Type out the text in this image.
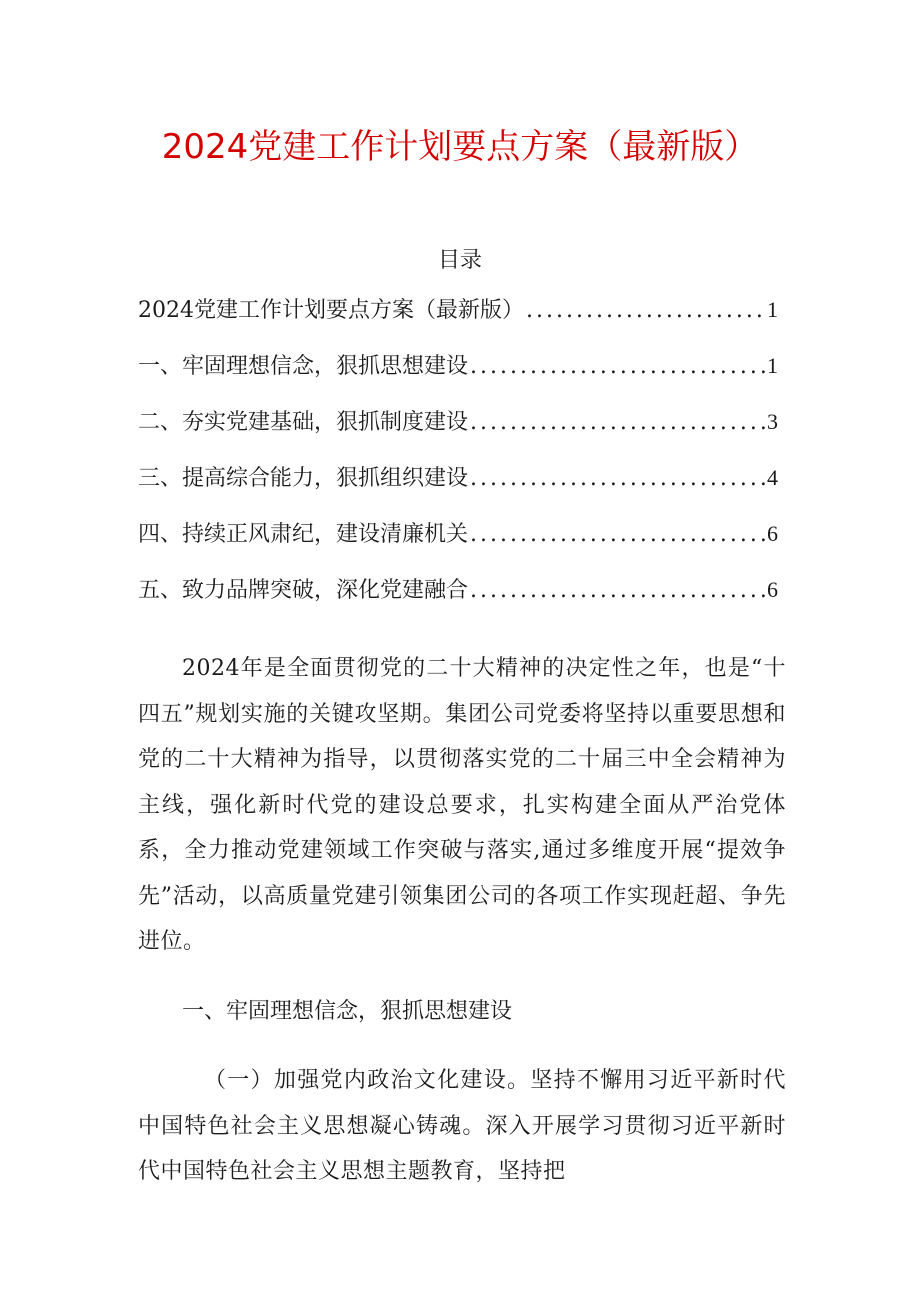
2024党建工作计划要点方案（最新版）
目录
2024党建工作计划要点方案（最新版） .....	1
一、牢固理想信念，狠抓思想建设 .....	1
二、夯实党建基础，狠抓制度建设 .....	3
三、提高综合能力，狠抓组织建设 .....	4
四、持续正风肃纪，建设清廉机关 .....	6
五、致力品牌突破，深化党建融合 .....	6

2024年是全面贯彻党的二十大精神的决定性之年，也是“十四五”规划实施的关键攻坚期。集团公司党委将坚持以重要思想和党的二十大精神为指导，以贯彻落实党的二十届三中全会精神为主线，强化新时代党的建设总要求，扎实构建全面从严治党体系，全力推动党建领域工作突破与落实,通过多维度开展“提效争先”活动，以高质量党建引领集团公司的各项工作实现赶超、争先进位。

一、牢固理想信念，狠抓思想建设

（一）加强党内政治文化建设。坚持不懈用习近平新时代中国特色社会主义思想凝心铸魂。深入开展学习贯彻习近平新时代中国特色社会主义思想主题教育，坚持把
